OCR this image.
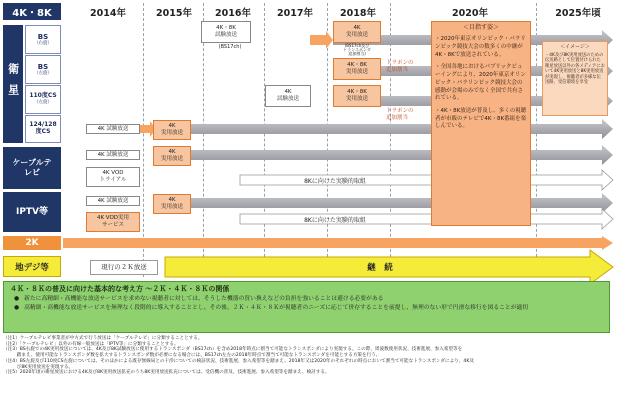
4K・8K
衛星
BS
（右旋）
BS
（左旋）
110度CS
（左旋）
124/128
度CS
ケーブルテレビ
IPTV等
2K
地デジ等
4K・8K
試験放送
(BS17ch)
4K
実用放送
(BS17ch及び
トランスポンダ
追加割当)
4K・8K
実用放送
トラポンの
追加割当
4K
試験放送
4K・8K
実用放送
トラポンの
追加割当
4K 試験放送	4K
実用放送
4K 試験放送	4K
実用放送
4K VOD
トライアル	8Kに向けた実験的取組
4K 試験放送	4K
実用放送
4K VOD実用
サービス
8Kに向けた実験的取組
現行の２Ｋ放送	継　続
＜目指す姿＞
・2020年東京オリンピック・パラリンピック競技大会の数多くの中継が4K・8Kで放送されている。
・全国各地におけるパブリックビューイングにより、2020年東京オリンピック・パラリンピック競技大会の感動が会場のみでなく全国で共有されている。
・4K・8K放送が普及し、多くの視聴者が市販のテレビで4K・8K番組を楽しんでいる。
＜イメージ＞
・4K及び8K実用放送のための伝送路として位置付けられた衛星放送以外の各メディアにおいて4K実用放送と8K実用放送が実現し、視聴者が多様な伝送路、受信環境を享受
４Ｋ・８Ｋの普及に向けた基本的な考え方 ～２Ｋ・４Ｋ・８Ｋの関係
● 新たに高精細・高機能な放送サービスを求めない視聴者に対しては、そうした機器の買い換えなどの負担を強いることは避ける必要がある
● 高精細・高機能な放送サービスを無理なく段階的に導入することとし、その後、２Ｋ・４Ｋ・８Ｋが視聴者のニーズに応じて併存することを前提し、無理のない形で円滑な移行を図ることが適切
（注1）ケーブルテレビ事業者が中方式で行う放送は「ケーブルテレビ」に分類することとする。
（注2）「ケーブルテレビ」以外の有線一般放送は「IPTV等」に分類することとする。
（注3）BS右旋での4K実用放送については、4K及び8K試験放送に使用するトランスポンダ（BS17ch）を含め2018年時点に割当て可能なトランスポンダにより実現する。この際、周波数使用状況、技術進展、参入希望等を
　　　踏まえ、使用可能なトランスポンダ数を拡大するトランスポンダ数が必要になる場合には、BS17ch左左の2018年時点で割当て可能なトランスポンダを可能とする方策を行う。
（注4）BS左旋及び110度CS左旋については、そのほかによる既存無線局との干渉についての検証状況、技術進展、参入希望等を踏まえ、2018年又は2020年のそれぞれの時点において割当て可能なトランスポンダにより、4K及
　　　び8K実用放送を実現する。
（注5）2020年頃の衛星放送における4K及び8K実用放送拡充のうち8K実用放送拡充については、受信機の普及、技術進展、参入希望等を踏まえ、検討する。
2014年	2015年	2016年	2017年	2018年	2020年	2025年頃
